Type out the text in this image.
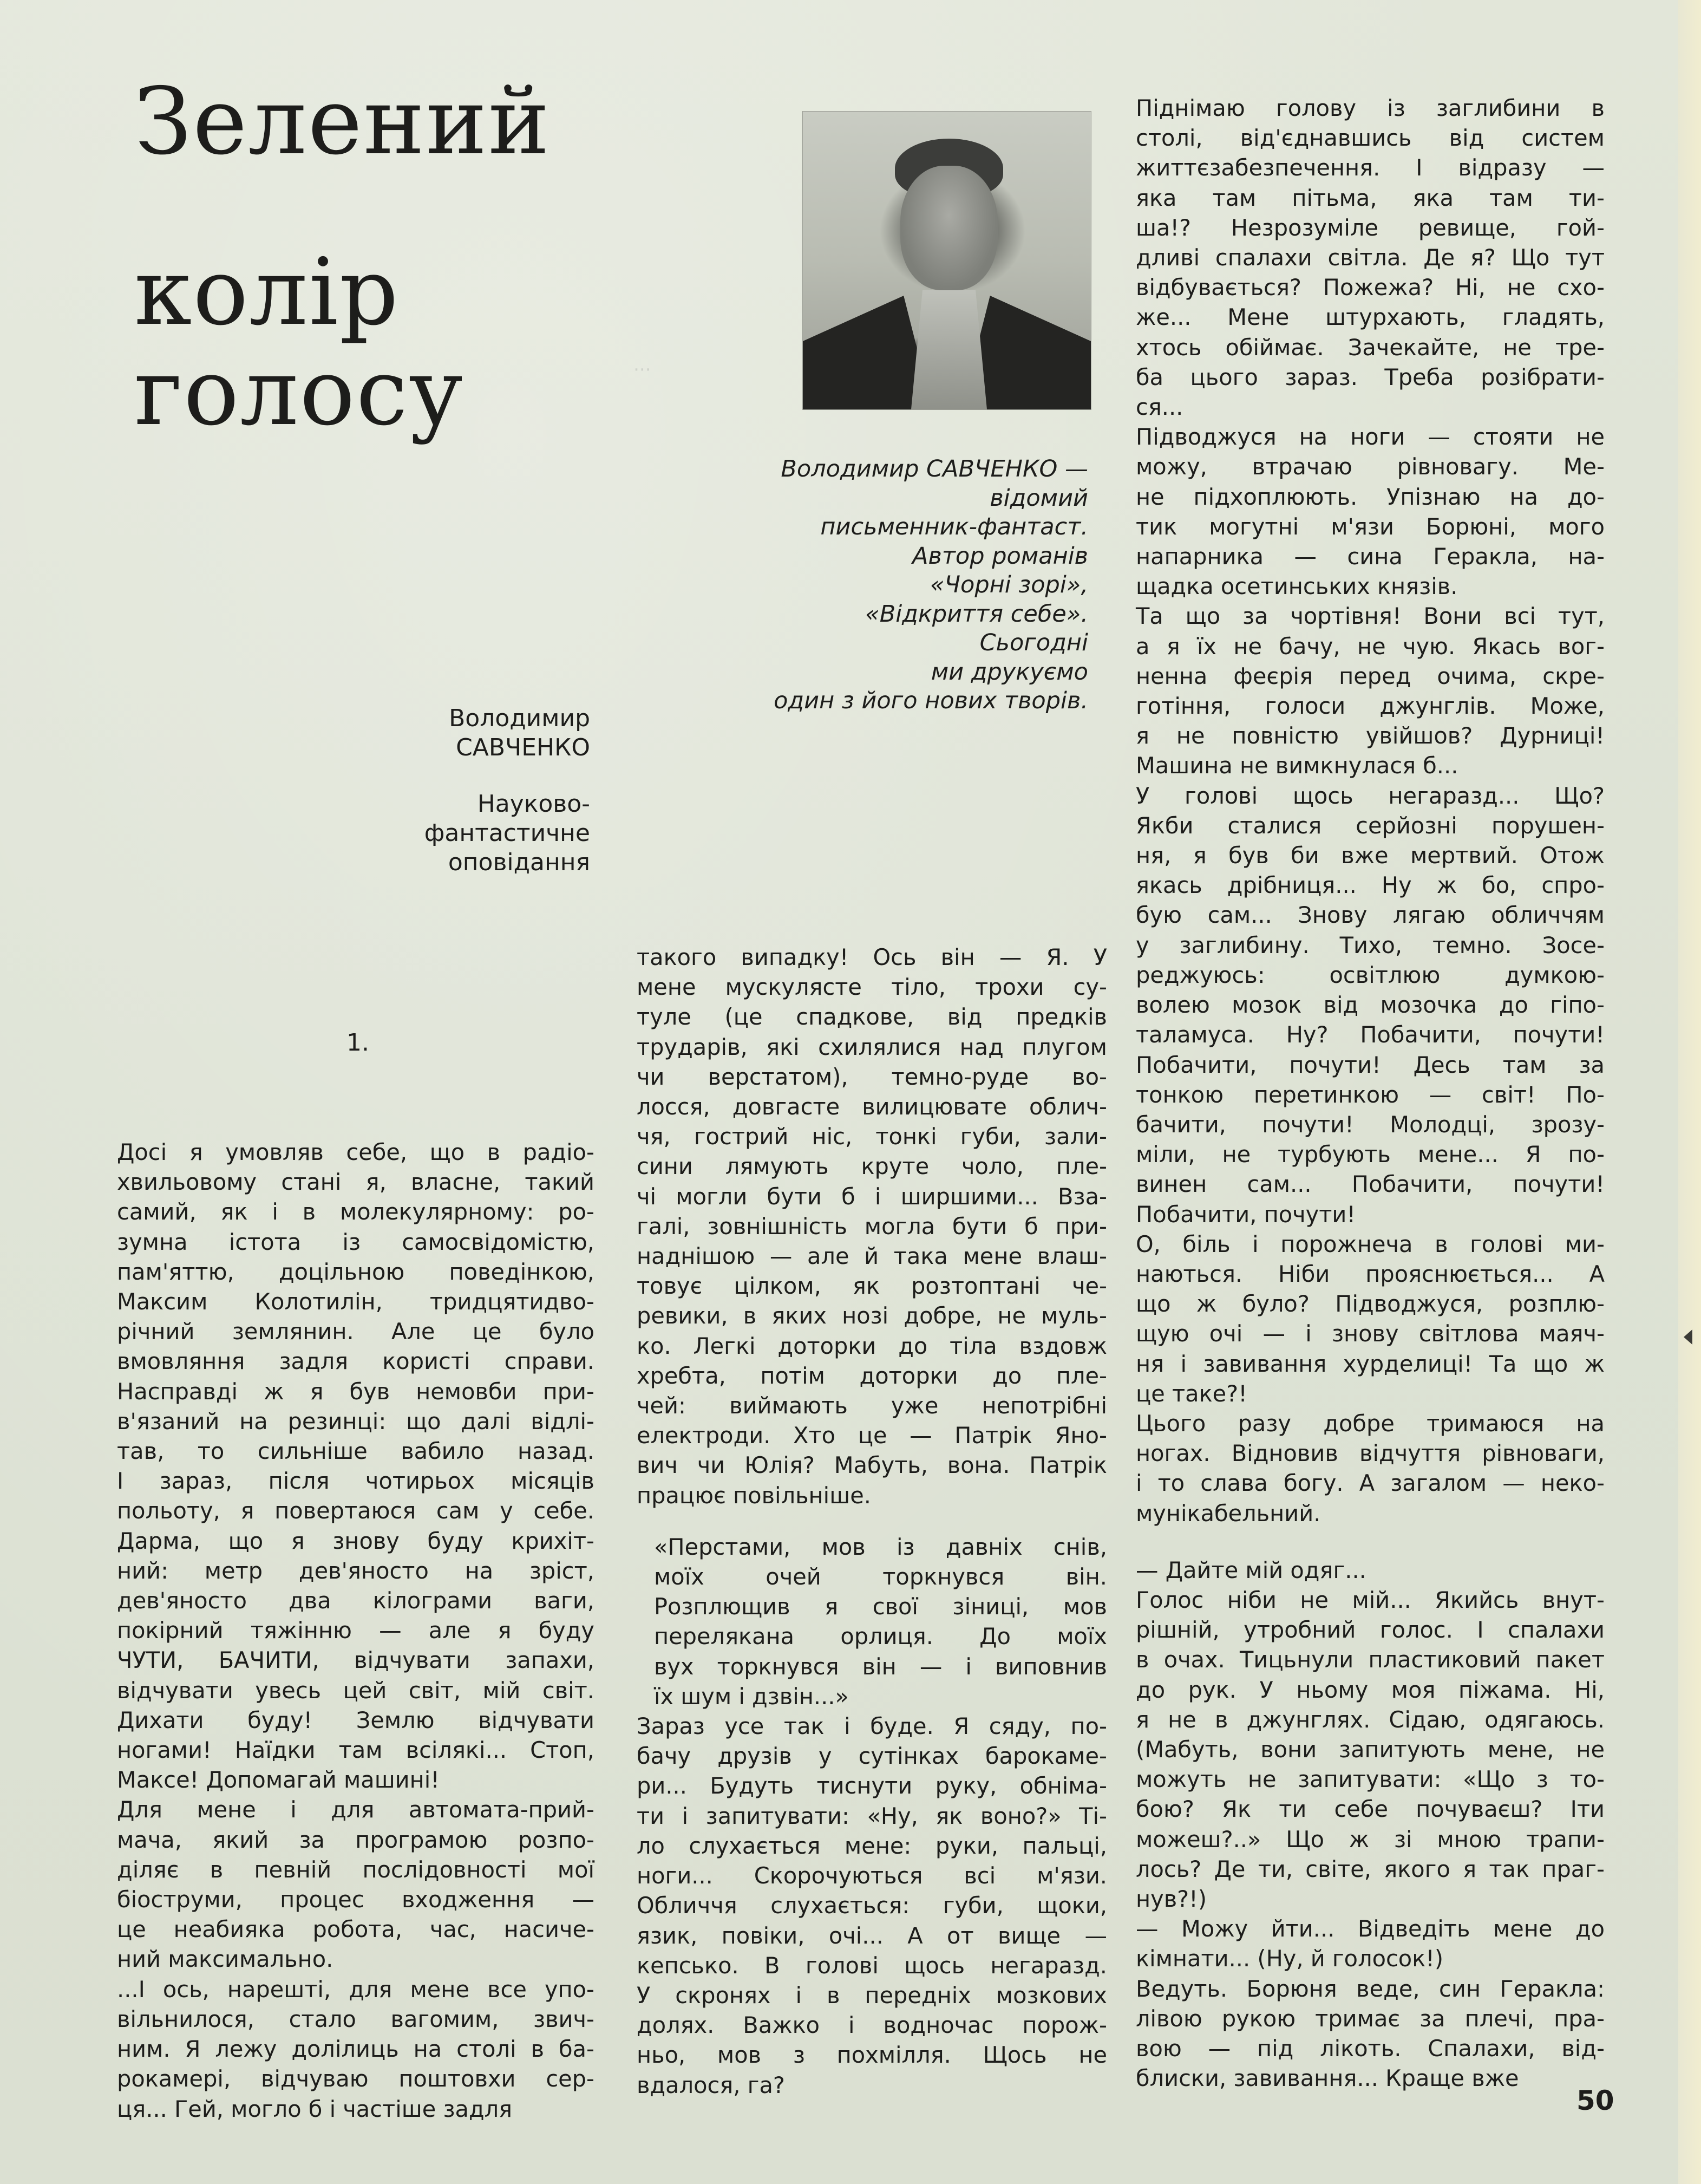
···
Зелений
колір
голосу
Володимир САВЧЕНКО —
відомий
письменник-фантаст.
Автор романів
«Чорні зорі»,
«Відкриття себе».
Сьогодні
ми друкуємо
один з його нових творів.
Володимир
САВЧЕНКО
Науково-фантастичне
оповідання
1.
Досі я умовляв себе, що в радіо-
хвильовому стані я, власне, такий
самий, як і в молекулярному: ро-
зумна істота із самосвідомістю,
пам'яттю, доцільною поведінкою,
Максим Колотилін, тридцятидво-
річний землянин. Але це було
вмовляння задля користі справи.
Насправді ж я був немовби при-
в'язаний на резинці: що далі відлі-
тав, то сильніше вабило назад.
І зараз, після чотирьох місяців
польоту, я повертаюся сам у себе.
Дарма, що я знову буду крихіт-
ний: метр дев'яносто на зріст,
дев'яносто два кілограми ваги,
покірний тяжінню — але я буду
ЧУТИ, БАЧИТИ, відчувати запахи,
відчувати увесь цей світ, мій світ.
Дихати буду! Землю відчувати
ногами! Наїдки там всілякі... Стоп,
Максе! Допомагай машині!
Для мене і для автомата-прий-
мача, який за програмою розпо-
діляє в певній послідовності мої
біоструми, процес входження —
це неабияка робота, час, насиче-
ний максимально.
...І ось, нарешті, для мене все упо-
вільнилося, стало вагомим, звич-
ним. Я лежу долілиць на столі в ба-
рокамері, відчуваю поштовхи сер-
ця... Гей, могло б і частіше задля
такого випадку! Ось він — Я. У
мене мускулясте тіло, трохи су-
туле (це спадкове, від предків
трударів, які схилялися над плугом
чи верстатом), темно-руде во-
лосся, довгасте вилицювате облич-
чя, гострий ніс, тонкі губи, зали-
сини лямують круте чоло, пле-
чі могли бути б і ширшими... Вза-
галі, зовнішність могла бути б при-
наднішою — але й така мене влаш-
товує цілком, як розтоптані че-
ревики, в яких нозі добре, не муль-
ко. Легкі доторки до тіла вздовж
хребта, потім доторки до пле-
чей: виймають уже непотрібні
електроди. Хто це — Патрік Яно-
вич чи Юлія? Мабуть, вона. Патрік
працює повільніше.
«Перстами, мов із давніх снів,
моїх очей торкнувся він.
Розплющив я свої зіниці, мов
перелякана орлиця. До моїх
вух торкнувся він — і виповнив
їх шум і дзвін...»
Зараз усе так і буде. Я сяду, по-
бачу друзів у сутінках барокаме-
ри... Будуть тиснути руку, обніма-
ти і запитувати: «Ну, як воно?» Ті-
ло слухається мене: руки, пальці,
ноги... Скорочуються всі м'язи.
Обличчя слухається: губи, щоки,
язик, повіки, очі... А от вище —
кепсько. В голові щось негаразд.
У скронях і в передніх мозкових
долях. Важко і водночас порож-
ньо, мов з похмілля. Щось не
вдалося, га?
Піднімаю голову із заглибини в
столі, від'єднавшись від систем
життєзабезпечення. І відразу —
яка там пітьма, яка там ти-
ша!? Незрозуміле ревище, гой-
дливі спалахи світла. Де я? Що тут
відбувається? Пожежа? Ні, не схо-
же... Мене штурхають, гладять,
хтось обіймає. Зачекайте, не тре-
ба цього зараз. Треба розібрати-
ся...
Підводжуся на ноги — стояти не
можу, втрачаю рівновагу. Ме-
не підхоплюють. Упізнаю на до-
тик могутні м'язи Борюні, мого
напарника — сина Геракла, на-
щадка осетинських князів.
Та що за чортівня! Вони всі тут,
а я їх не бачу, не чую. Якась вог-
ненна феєрія перед очима, скре-
готіння, голоси джунглів. Може,
я не повністю увійшов? Дурниці!
Машина не вимкнулася б...
У голові щось негаразд... Що?
Якби сталися серйозні порушен-
ня, я був би вже мертвий. Отож
якась дрібниця... Ну ж бо, спро-
бую сам... Знову лягаю обличчям
у заглибину. Тихо, темно. Зосе-
реджуюсь: освітлюю думкою-
волею мозок від мозочка до гіпо-
таламуса. Ну? Побачити, почути!
Побачити, почути! Десь там за
тонкою перетинкою — світ! По-
бачити, почути! Молодці, зрозу-
міли, не турбують мене... Я по-
винен сам... Побачити, почути!
Побачити, почути!
О, біль і порожнеча в голові ми-
наються. Ніби прояснюється... А
що ж було? Підводжуся, розплю-
щую очі — і знову світлова маяч-
ня і завивання хурделиці! Та що ж
це таке?!
Цього разу добре тримаюся на
ногах. Відновив відчуття рівноваги,
і то слава богу. А загалом — неко-
мунікабельний.
— Дайте мій одяг...
Голос ніби не мій... Якийсь внут-
рішній, утробний голос. І спалахи
в очах. Тицьнули пластиковий пакет
до рук. У ньому моя піжама. Ні,
я не в джунглях. Сідаю, одягаюсь.
(Мабуть, вони запитують мене, не
можуть не запитувати: «Що з то-
бою? Як ти себе почуваєш? Іти
можеш?..» Що ж зі мною трапи-
лось? Де ти, світе, якого я так праг-
нув?!)
— Можу йти... Відведіть мене до
кімнати... (Ну, й голосок!)
Ведуть. Борюня веде, син Геракла:
лівою рукою тримає за плечі, пра-
вою — під лікоть. Спалахи, від-
блиски, завивання... Краще вже
50
